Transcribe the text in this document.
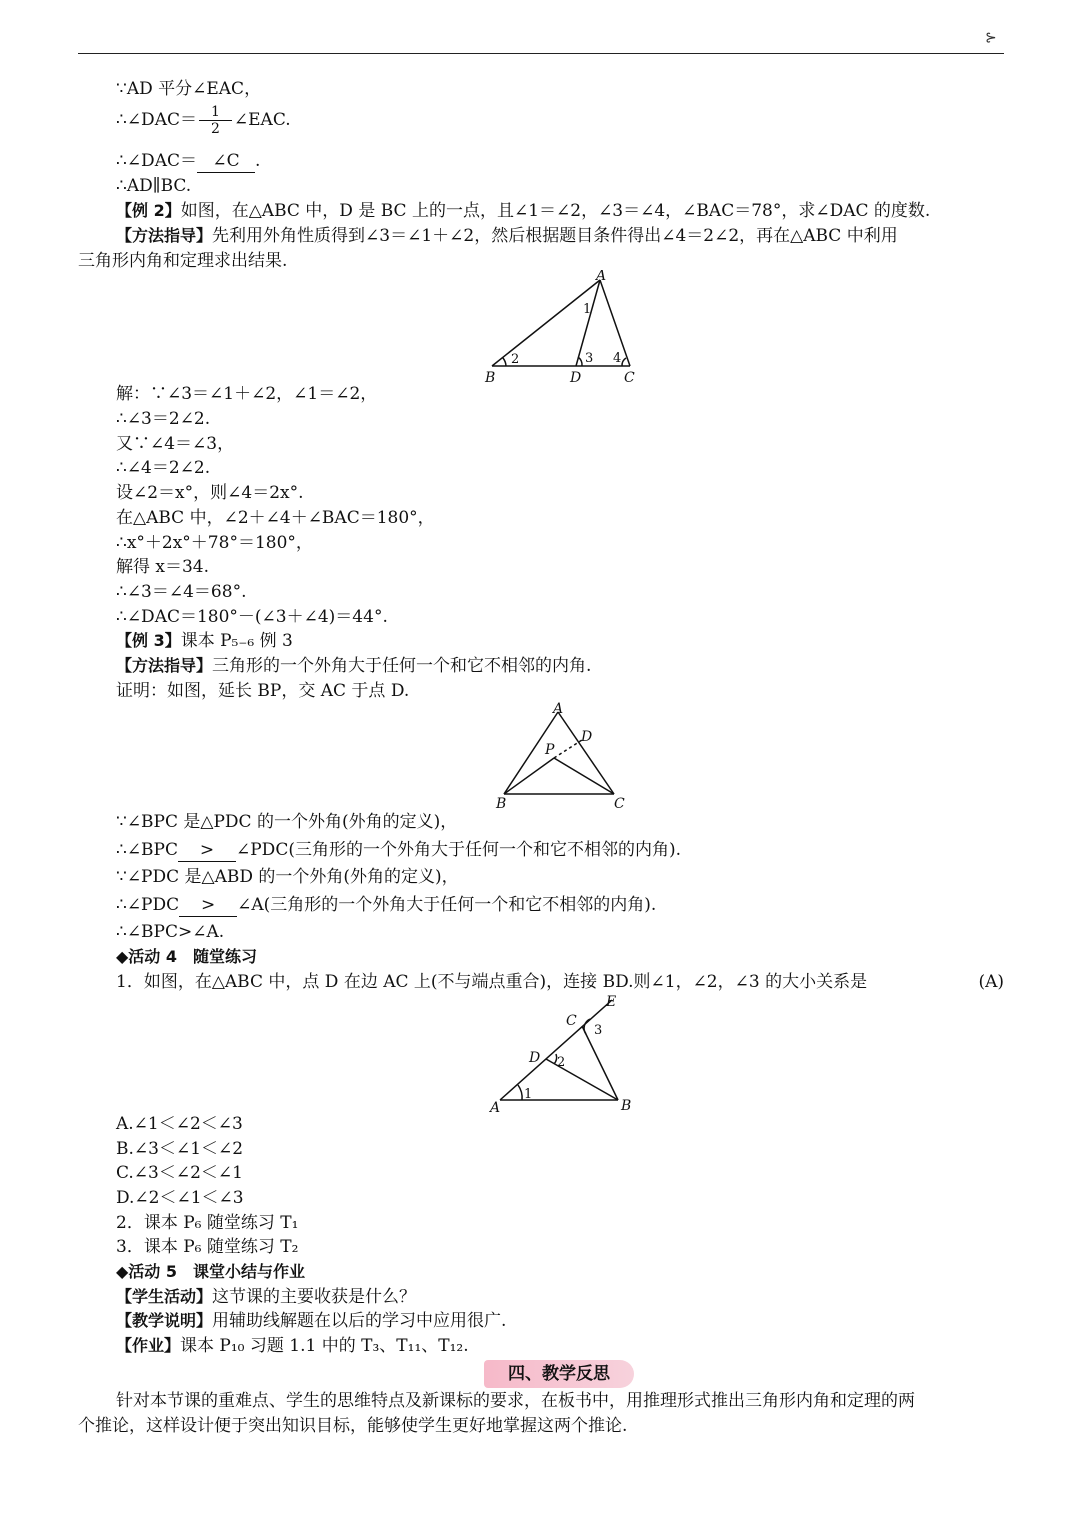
⊱
∵AD 平分∠EAC，
∴∠DAC＝ $\frac{1}{2}$ ∠EAC.
∴∠DAC＝ ∠C .
∴AD∥BC.
【例 2】如图，在△ABC 中，D 是 BC 上的一点，且∠1＝∠2，∠3＝∠4，∠BAC＝78°，求∠DAC 的度数.
【方法指导】先利用外角性质得到∠3＝∠1＋∠2，然后根据题目条件得出∠4＝2∠2，再在△ABC 中利用
三角形内角和定理求出结果.
A
B	D	C
1
2	3 4
解：∵∠3＝∠1＋∠2，∠1＝∠2，
∴∠3＝2∠2.
又∵∠4＝∠3，
∴∠4＝2∠2.
设∠2＝x°，则∠4＝2x°.
在△ABC 中，∠2＋∠4＋∠BAC＝180°，
∴x°＋2x°＋78°＝180°，
解得 x＝34.
∴∠3＝∠4＝68°.
∴∠DAC＝180°－(∠3＋∠4)＝44°.
【例 3】课本 P₅₋₆ 例 3
【方法指导】三角形的一个外角大于任何一个和它不相邻的内角.
证明：如图，延长 BP，交 AC 于点 D.
A
B	C
D
P
∵∠BPC 是△PDC 的一个外角(外角的定义)，
∴∠BPC > ∠PDC(三角形的一个外角大于任何一个和它不相邻的内角).
∵∠PDC 是△ABD 的一个外角(外角的定义)，
∴∠PDC > ∠A(三角形的一个外角大于任何一个和它不相邻的内角).
∴∠BPC>∠A.
◆活动 4　随堂练习
1．如图，在△ABC 中，点 D 在边 AC 上(不与端点重合)，连接 BD.则∠1，∠2，∠3 的大小关系是	(A)
E
C
D
A	B
1
2
3
A.∠1＜∠2＜∠3
B.∠3＜∠1＜∠2
C.∠3＜∠2＜∠1
D.∠2＜∠1＜∠3
2．课本 P₆ 随堂练习 T₁
3．课本 P₆ 随堂练习 T₂
◆活动 5　课堂小结与作业
【学生活动】这节课的主要收获是什么？
【教学说明】用辅助线解题在以后的学习中应用很广.
【作业】课本 P₁₀ 习题 1.1 中的 T₃、T₁₁、T₁₂.
四、教学反思
针对本节课的重难点、学生的思维特点及新课标的要求，在板书中，用推理形式推出三角形内角和定理的两
个推论，这样设计便于突出知识目标，能够使学生更好地掌握这两个推论.
